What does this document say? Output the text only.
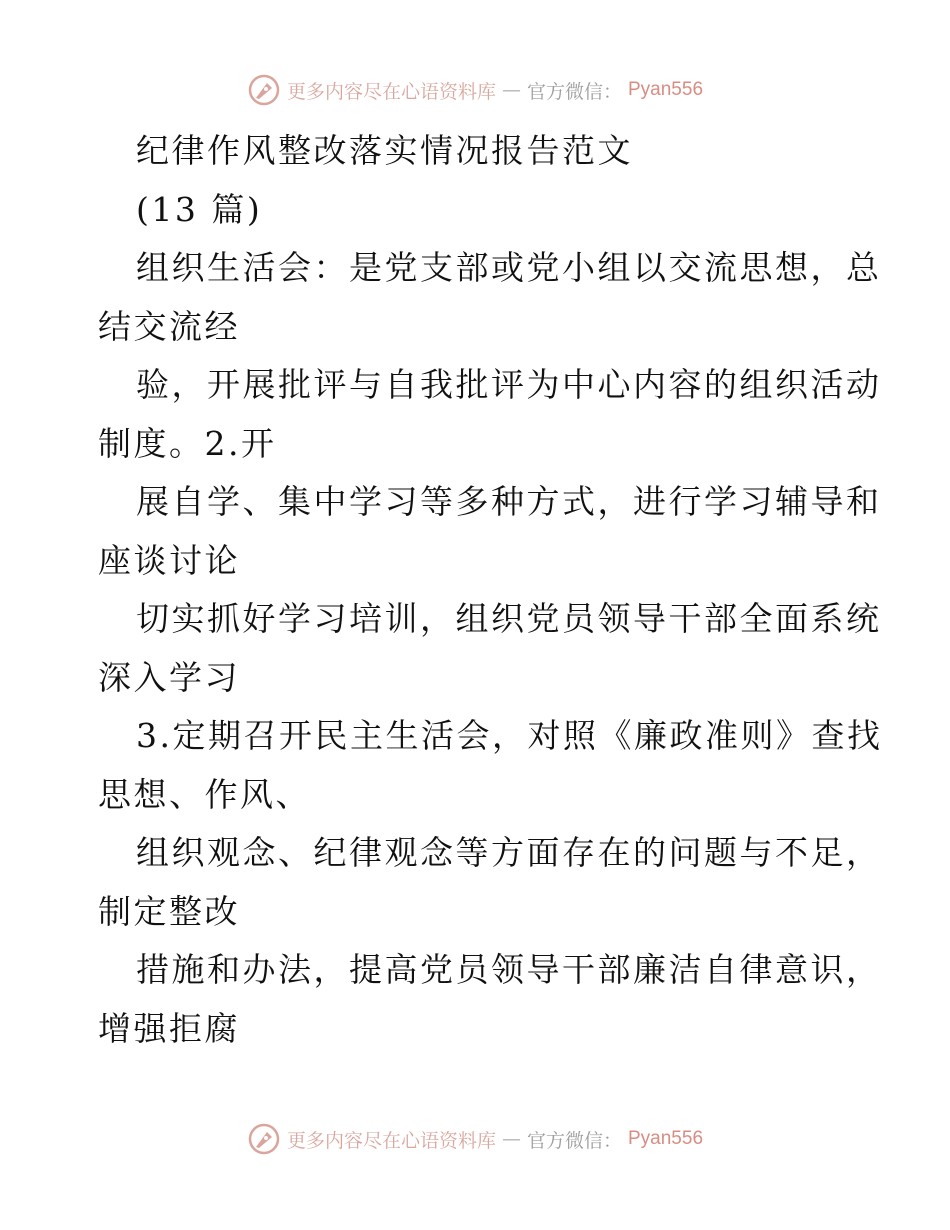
更多内容尽在心语资料库 — 官方微信： Pyan556
纪律作风整改落实情况报告范文
(13 篇)
组织生活会：是党支部或党小组以交流思想，总
结交流经
验，开展批评与自我批评为中心内容的组织活动
制度。2.开
展自学、集中学习等多种方式，进行学习辅导和
座谈讨论
切实抓好学习培训，组织党员领导干部全面系统
深入学习
3.定期召开民主生活会，对照《廉政准则》查找
思想、作风、
组织观念、纪律观念等方面存在的问题与不足，
制定整改
措施和办法，提高党员领导干部廉洁自律意识，
增强拒腐
更多内容尽在心语资料库 — 官方微信： Pyan556
